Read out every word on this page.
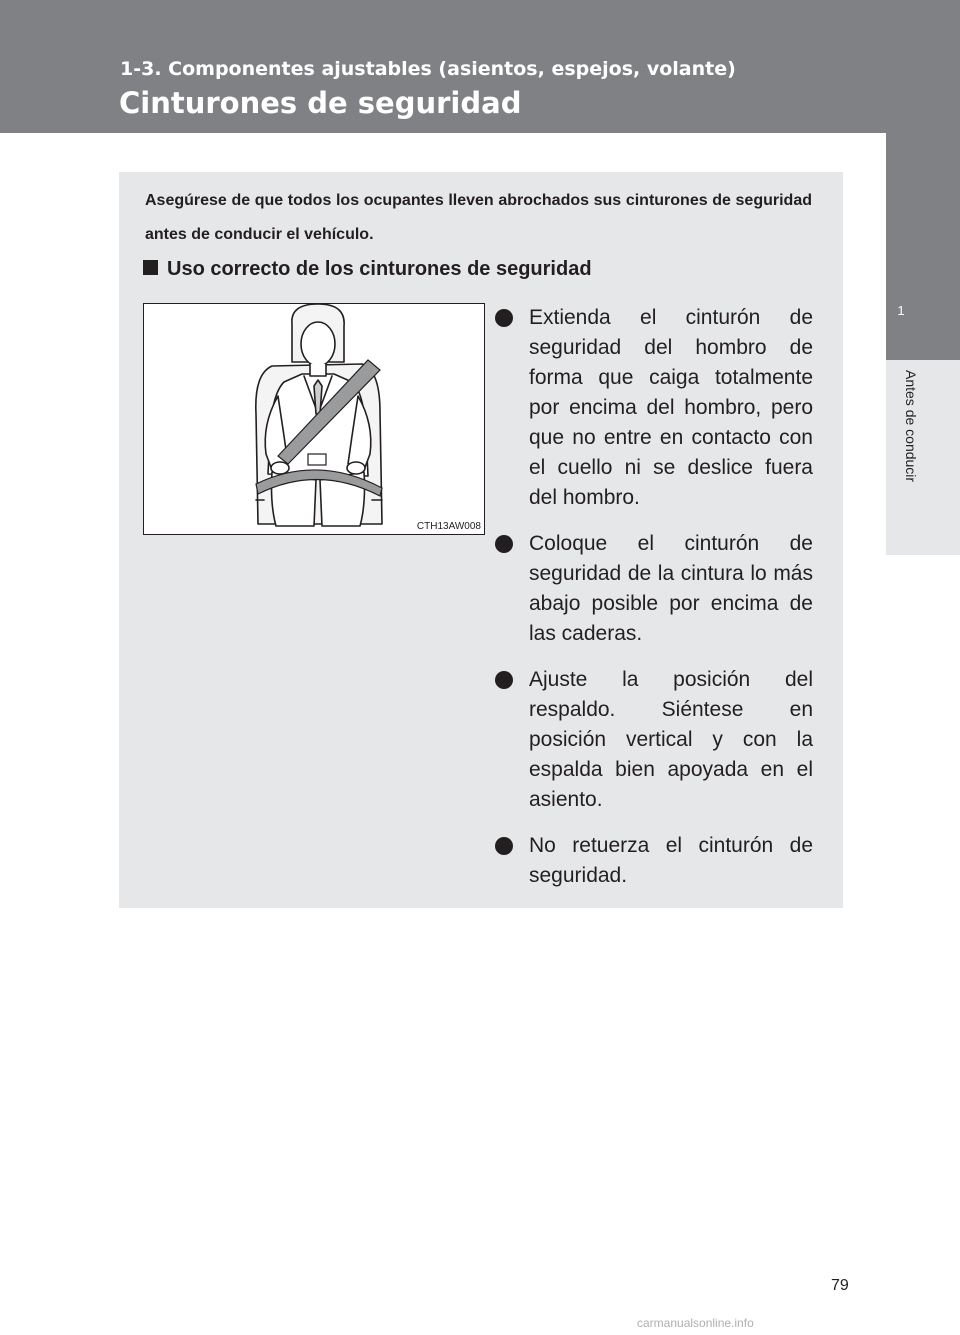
1-3. Componentes ajustables (asientos, espejos, volante)
Cinturones de seguridad
1
Antes de conducir

Asegúrese de que todos los ocupantes lleven abrochados sus cinturones de seguridad antes de conducir el vehículo.

Uso correcto de los cinturones de seguridad
CTH13AW008
Extienda el cinturón de seguridad del hombro de forma que caiga totalmente por encima del hombro, pero que no entre en contacto con el cuello ni se deslice fuera del hombro.
Coloque el cinturón de seguridad de la cintura lo más abajo posible por encima de las caderas.
Ajuste la posición del respaldo. Siéntese en posición vertical y con la espalda bien apoyada en el asiento.
No retuerza el cinturón de seguridad.
79
carmanualsonline.info
